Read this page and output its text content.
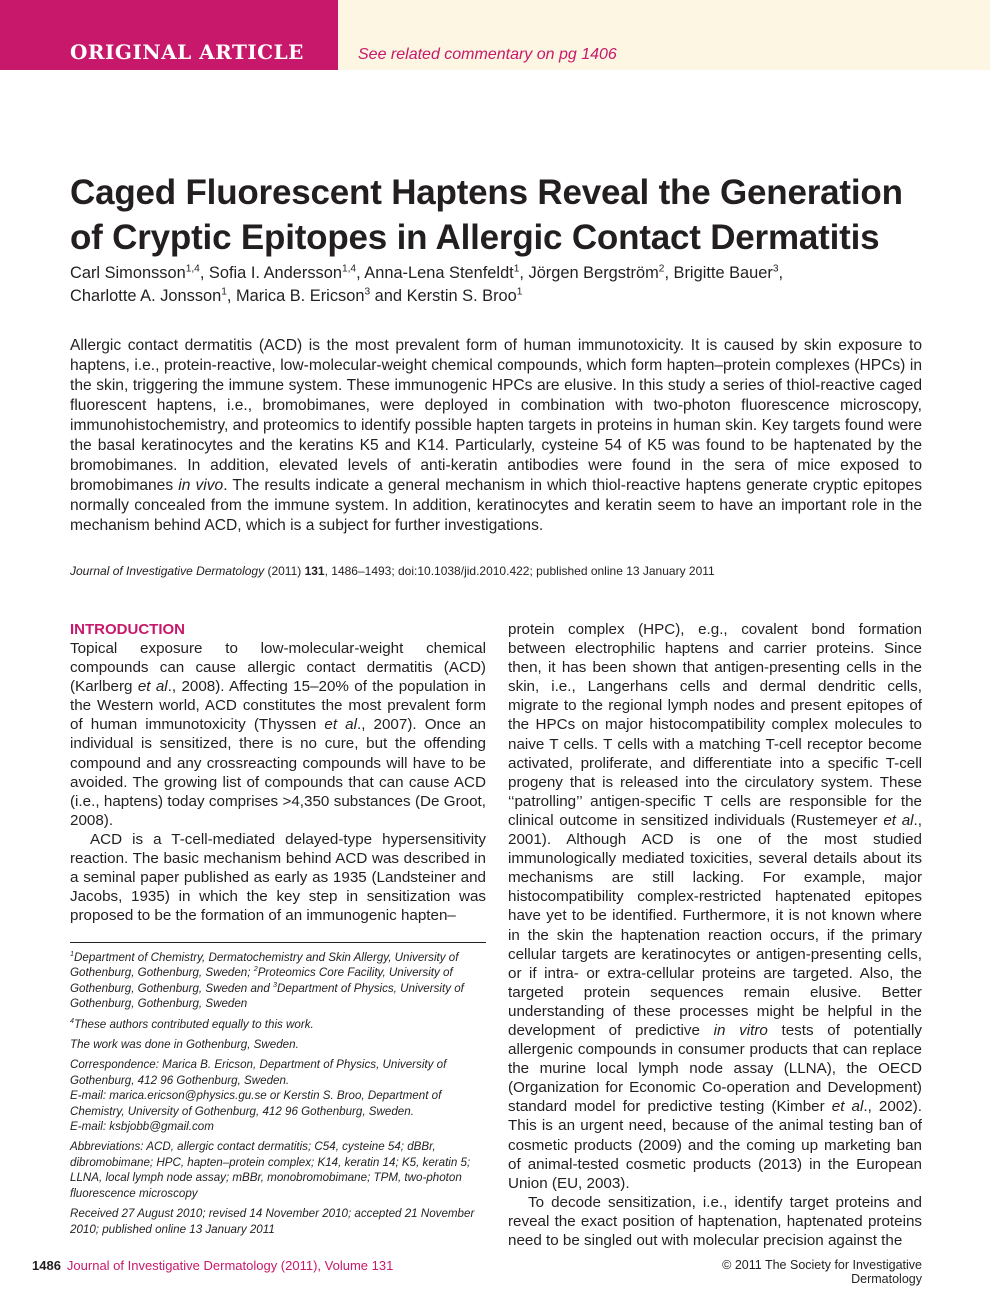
ORIGINAL ARTICLE	See related commentary on pg 1406
Caged Fluorescent Haptens Reveal the Generation of Cryptic Epitopes in Allergic Contact Dermatitis
Carl Simonsson$^{1,4}$, Sofia I. Andersson$^{1,4}$, Anna-Lena Stenfeldt$^1$, Jörgen Bergström$^2$, Brigitte Bauer$^3$,
Charlotte A. Jonsson$^1$, Marica B. Ericson$^3$ and Kerstin S. Broo$^1$

Allergic contact dermatitis (ACD) is the most prevalent form of human immunotoxicity. It is caused by skin exposure to haptens, i.e., protein-reactive, low-molecular-weight chemical compounds, which form hapten–protein complexes (HPCs) in the skin, triggering the immune system. These immunogenic HPCs are elusive. In this study a series of thiol-reactive caged fluorescent haptens, i.e., bromobimanes, were deployed in combination with two-photon fluorescence microscopy, immunohistochemistry, and proteomics to identify possible hapten targets in proteins in human skin. Key targets found were the basal keratinocytes and the keratins K5 and K14. Particularly, cysteine 54 of K5 was found to be haptenated by the bromobimanes. In addition, elevated levels of anti-keratin antibodies were found in the sera of mice exposed to bromobimanes in vivo. The results indicate a general mechanism in which thiol-reactive haptens generate cryptic epitopes normally concealed from the immune system. In addition, keratinocytes and keratin seem to have an important role in the mechanism behind ACD, which is a subject for further investigations.

Journal of Investigative Dermatology (2011) 131, 1486–1493; doi:10.1038/jid.2010.422; published online 13 January 2011

INTRODUCTION

Topical exposure to low-molecular-weight chemical compounds can cause allergic contact dermatitis (ACD) (Karlberg et al., 2008). Affecting 15–20% of the population in the Western world, ACD constitutes the most prevalent form of human immunotoxicity (Thyssen et al., 2007). Once an individual is sensitized, there is no cure, but the offending compound and any crossreacting compounds will have to be avoided. The growing list of compounds that can cause ACD (i.e., haptens) today comprises >4,350 substances (De Groot, 2008).

ACD is a T-cell-mediated delayed-type hypersensitivity reaction. The basic mechanism behind ACD was described in a seminal paper published as early as 1935 (Landsteiner and Jacobs, 1935) in which the key step in sensitization was proposed to be the formation of an immunogenic hapten–

$^1$Department of Chemistry, Dermatochemistry and Skin Allergy, University of Gothenburg, Gothenburg, Sweden; $^2$Proteomics Core Facility, University of Gothenburg, Gothenburg, Sweden and $^3$Department of Physics, University of Gothenburg, Gothenburg, Sweden

$^4$These authors contributed equally to this work.

The work was done in Gothenburg, Sweden.

Correspondence: Marica B. Ericson, Department of Physics, University of Gothenburg, 412 96 Gothenburg, Sweden.

E-mail: marica.ericson@physics.gu.se or Kerstin S. Broo, Department of Chemistry, University of Gothenburg, 412 96 Gothenburg, Sweden.

E-mail: ksbjobb@gmail.com

Abbreviations: ACD, allergic contact dermatitis; C54, cysteine 54; dBBr, dibromobimane; HPC, hapten–protein complex; K14, keratin 14; K5, keratin 5; LLNA, local lymph node assay; mBBr, monobromobimane; TPM, two-photon fluorescence microscopy

Received 27 August 2010; revised 14 November 2010; accepted 21 November 2010; published online 13 January 2011

protein complex (HPC), e.g., covalent bond formation between electrophilic haptens and carrier proteins. Since then, it has been shown that antigen-presenting cells in the skin, i.e., Langerhans cells and dermal dendritic cells, migrate to the regional lymph nodes and present epitopes of the HPCs on major histocompatibility complex molecules to naive T cells. T cells with a matching T-cell receptor become activated, proliferate, and differentiate into a specific T-cell progeny that is released into the circulatory system. These ‘‘patrolling’’ antigen-specific T cells are responsible for the clinical outcome in sensitized individuals (Rustemeyer et al., 2001). Although ACD is one of the most studied immunologically mediated toxicities, several details about its mechanisms are still lacking. For example, major histocompatibility complex-restricted haptenated epitopes have yet to be identified. Furthermore, it is not known where in the skin the haptenation reaction occurs, if the primary cellular targets are keratinocytes or antigen-presenting cells, or if intra- or extra-cellular proteins are targeted. Also, the targeted protein sequences remain elusive. Better understanding of these processes might be helpful in the development of predictive in vitro tests of potentially allergenic compounds in consumer products that can replace the murine local lymph node assay (LLNA), the OECD (Organization for Economic Co-operation and Development) standard model for predictive testing (Kimber et al., 2002). This is an urgent need, because of the animal testing ban of cosmetic products (2009) and the coming up marketing ban of animal-tested cosmetic products (2013) in the European Union (EU, 2003).

To decode sensitization, i.e., identify target proteins and reveal the exact position of haptenation, haptenated proteins need to be singled out with molecular precision against the

1486 Journal of Investigative Dermatology (2011), Volume 131	© 2011 The Society for Investigative Dermatology
